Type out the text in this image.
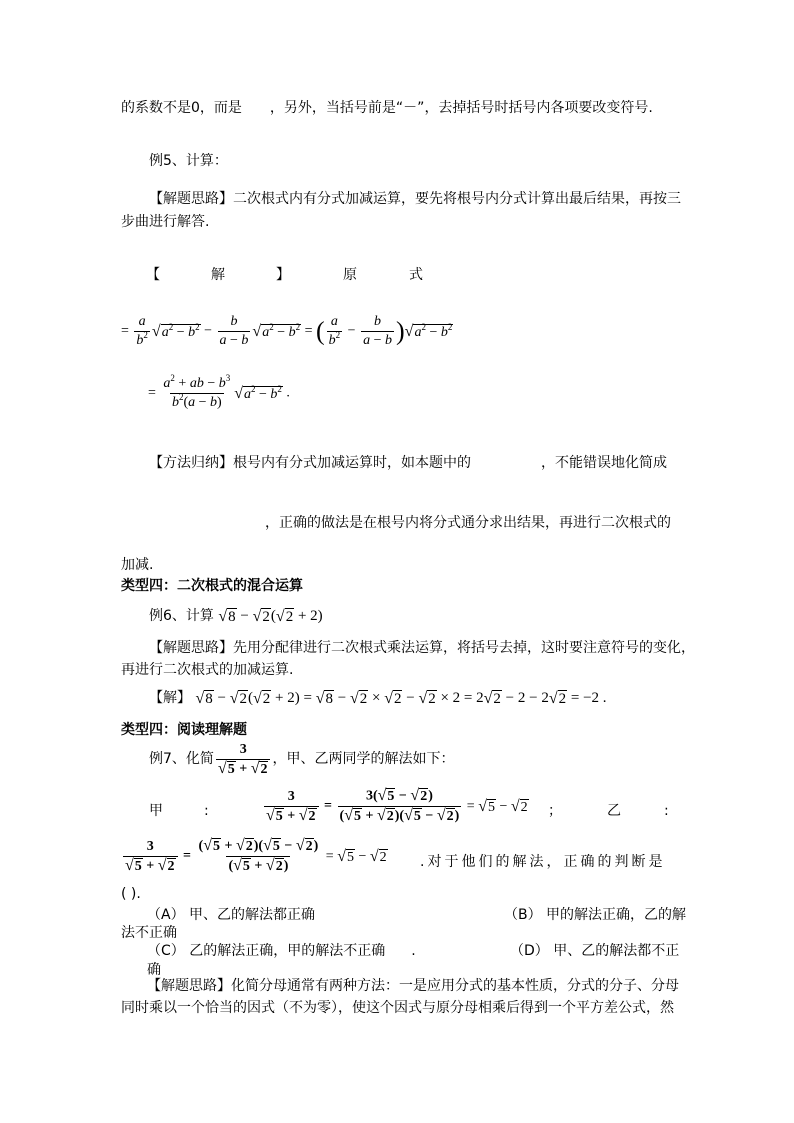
的系数不是0，而是 ，另外，当括号前是“－”，去掉括号时括号内各项要改变符号.
例5、计算：
【解题思路】二次根式内有分式加减运算，要先将根号内分式计算出最后结果，再按三
步曲进行解答.
【	解	】	原	式
= $\frac{a}{b^2} √a^2 - b^2 - \frac{b}{a - b} √a^2 - b^2$ = ( $\frac{a}{b^2} - \frac{b}{a - b} )√a^2 - b^2$
= $\frac{a^2 + ab - b^3}{b^2(a - b)} √a^2 - b^2$ .
【方法归纳】根号内有分式加减运算时，如本题中的	，不能错误地化简成
，正确的做法是在根号内将分式通分求出结果，再进行二次根式的
加减.
类型四：二次根式的混合运算
例6、计算 √8 − √2(√2 + 2)
【解题思路】先用分配律进行二次根式乘法运算，将括号去掉，这时要注意符号的变化，
再进行二次根式的加减运算.
【解】 √8 − √2(√2 + 2) = √8 − √2 × √2 − √2 × 2 = 2√2 − 2 − 2√2 = −2 .
类型四：阅读理解题
例7、化简 $\frac{3}{√5 + √2}$ ，甲、乙两同学的解法如下：
甲	:	$\frac{3}{√5 + √2} = \frac{3(√5 - √2)}{(√5 + √2)(√5 - √2)} = √5 - √2$ ；	乙	:
$\frac{3}{√5 + √2} = \frac{(√5 + √2)(√5 - √2)}{(√5 + √2)} = √5 - √2$ .对于他们的解法，正确的判断是
( ).
（A） 甲、乙的解法都正确	（B） 甲的解法正确，乙的解
法不正确
（C） 乙的解法正确，甲的解法不正确 .	（D） 甲、乙的解法都不正
确
【解题思路】化简分母通常有两种方法：一是应用分式的基本性质，分式的分子、分母
同时乘以一个恰当的因式（不为零），使这个因式与原分母相乘后得到一个平方差公式，然
